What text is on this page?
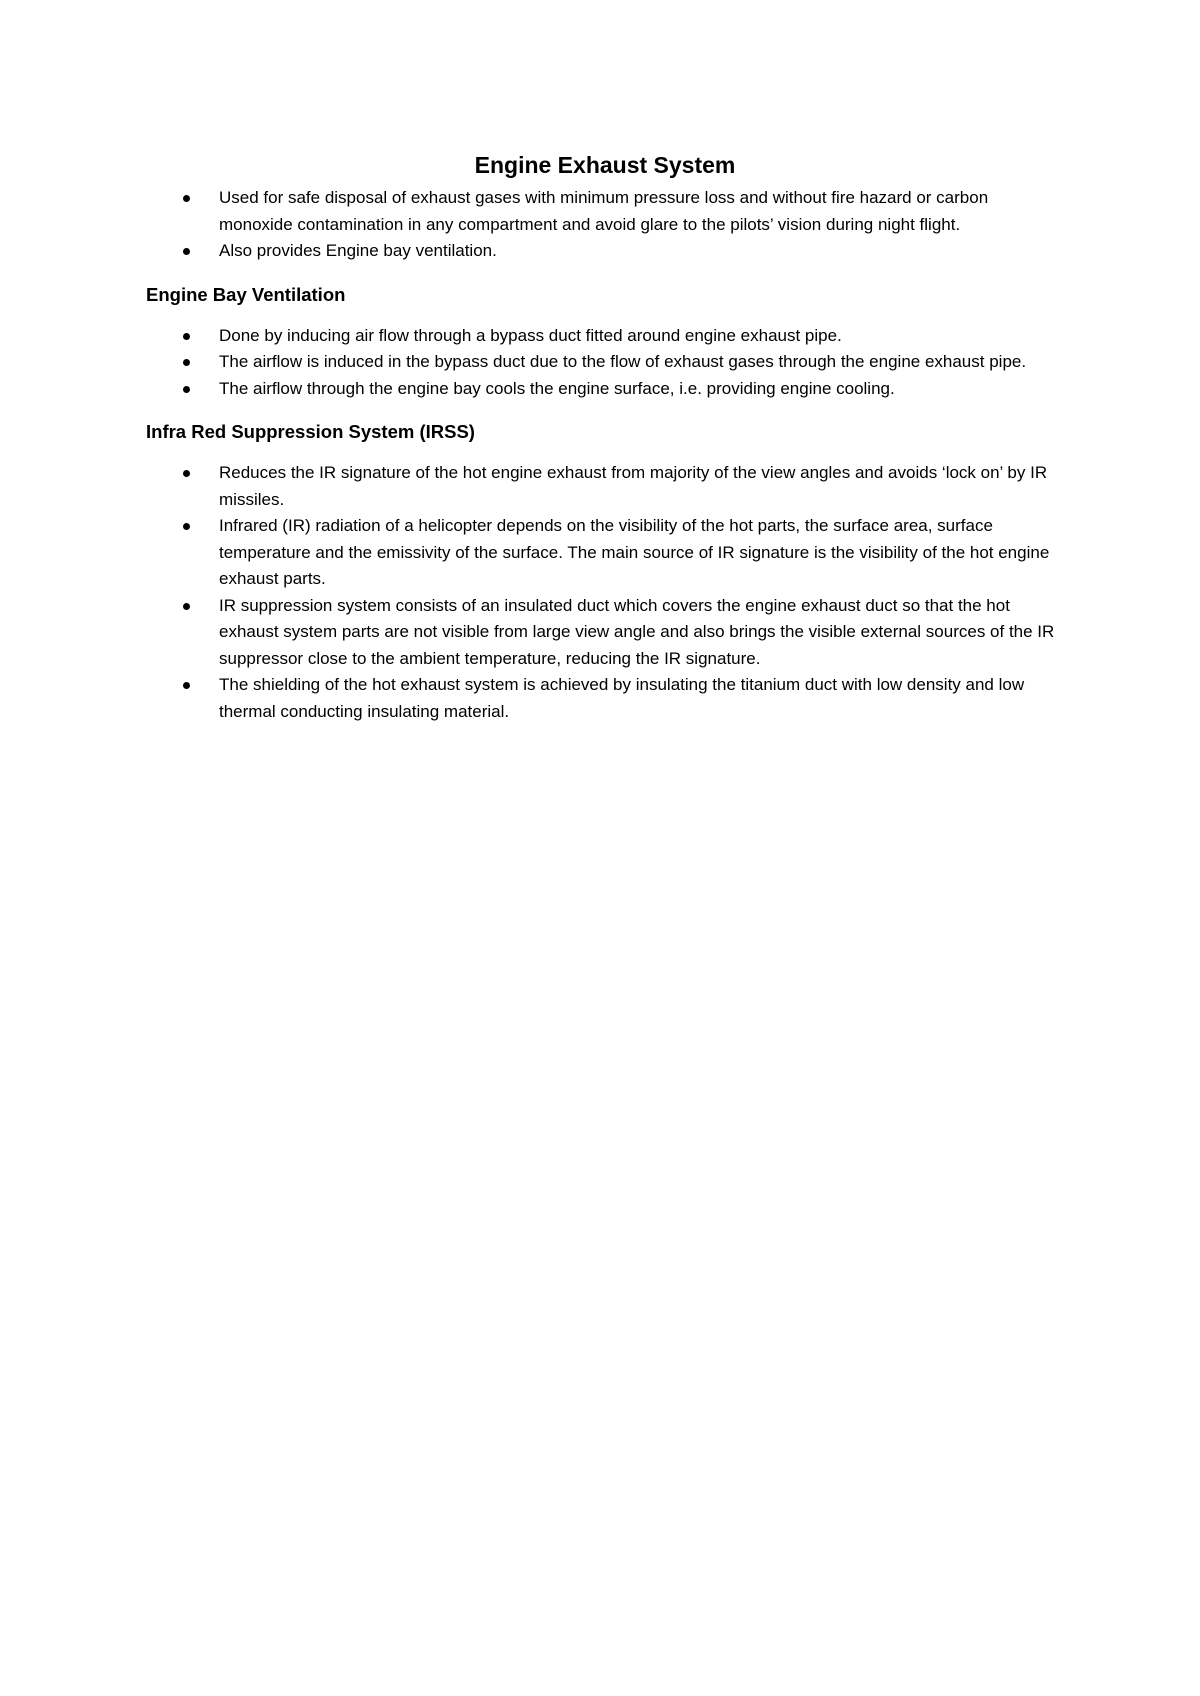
Engine Exhaust System
Used for safe disposal of exhaust gases with minimum pressure loss and without fire hazard or carbon monoxide contamination in any compartment and avoid glare to the pilots’ vision during night flight.
Also provides Engine bay ventilation.
Engine Bay Ventilation
Done by inducing air flow through a bypass duct fitted around engine exhaust pipe.
The airflow is induced in the bypass duct due to the flow of exhaust gases through the engine exhaust pipe.
The airflow through the engine bay cools the engine surface, i.e. providing engine cooling.
Infra Red Suppression System (IRSS)
Reduces the IR signature of the hot engine exhaust from majority of the view angles and avoids ‘lock on’ by IR missiles.
Infrared (IR) radiation of a helicopter depends on the visibility of the hot parts, the surface area, surface temperature and the emissivity of the surface. The main source of IR signature is the visibility of the hot engine exhaust parts.
IR suppression system consists of an insulated duct which covers the engine exhaust duct so that the hot exhaust system parts are not visible from large view angle and also brings the visible external sources of the IR suppressor close to the ambient temperature, reducing the IR signature.
The shielding of the hot exhaust system is achieved by insulating the titanium duct with low density and low thermal conducting insulating material.
